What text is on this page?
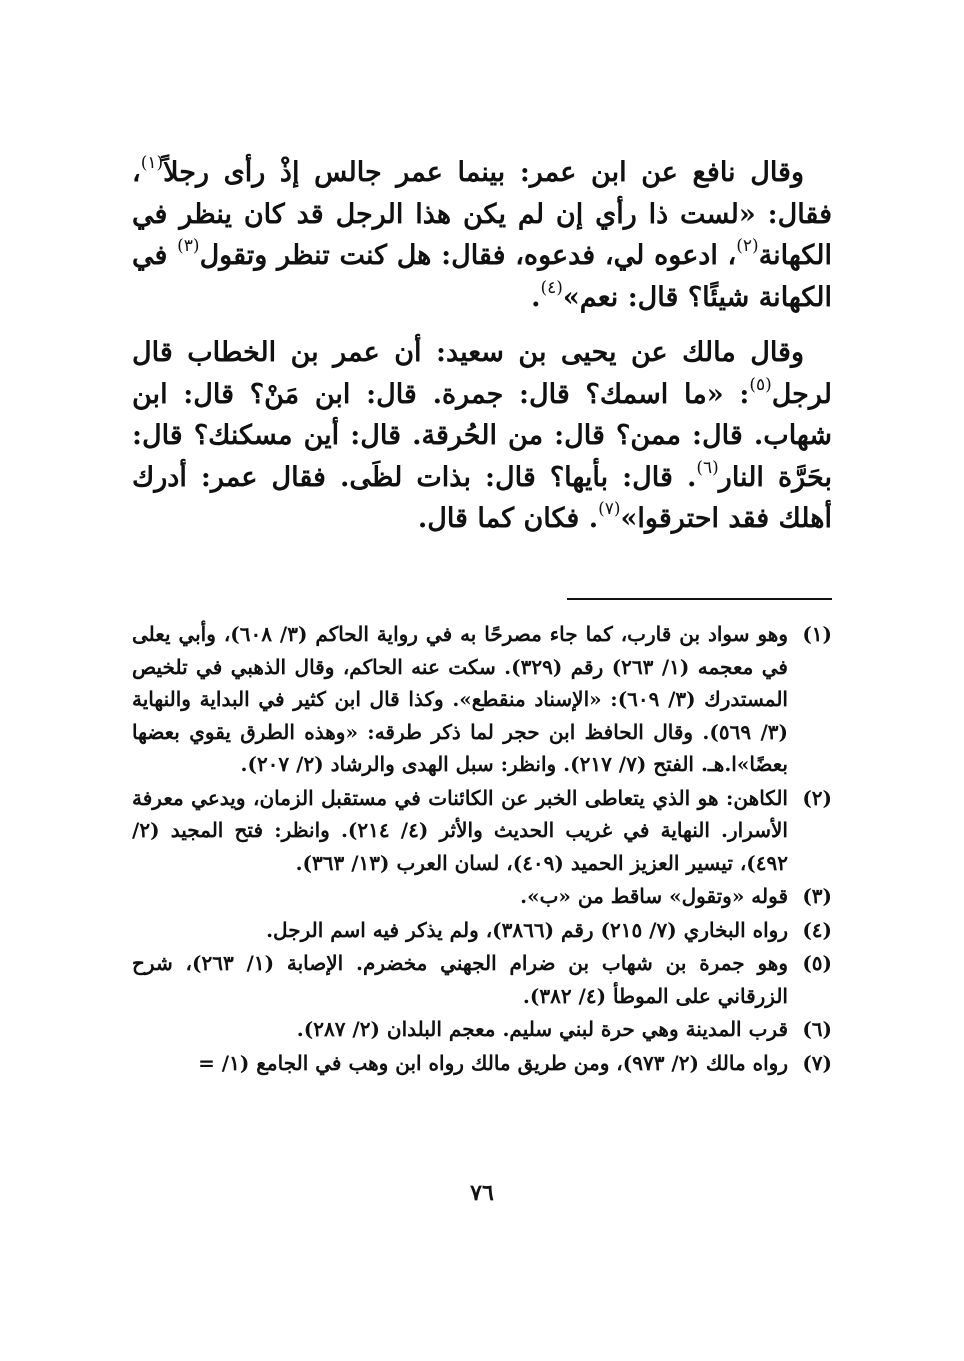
وقال نافع عن ابن عمر: بينما عمر جالس إذْ رأى رجلاً$^{(١)}$، فقال: «لست ذا رأي إن لم يكن هذا الرجل قد كان ينظر في الكهانة$^{(٢)}$، ادعوه لي، فدعوه، فقال: هل كنت تنظر وتقول$^{(٣)}$ في الكهانة شيئًا؟ قال: نعم»$^{(٤)}$.

وقال مالك عن يحيى بن سعيد: أن عمر بن الخطاب قال لرجل$^{(٥)}$: «ما اسمك؟ قال: جمرة. قال: ابن مَنْ؟ قال: ابن شهاب. قال: ممن؟ قال: من الحُرقة. قال: أين مسكنك؟ قال: بحَرَّة النار$^{(٦)}$. قال: بأيها؟ قال: بذات لظَى. فقال عمر: أدرك أهلك فقد احترقوا»$^{(٧)}$. فكان كما قال.

(١)
وهو سواد بن قارب، كما جاء مصرحًا به في رواية الحاكم (٣/ ٦٠٨)، وأبي يعلى في معجمه (١/ ٢٦٣) رقم (٣٢٩). سكت عنه الحاكم، وقال الذهبي في تلخيص المستدرك (٣/ ٦٠٩): «الإسناد منقطع». وكذا قال ابن كثير في البداية والنهاية (٣/ ٥٦٩). وقال الحافظ ابن حجر لما ذكر طرقه: «وهذه الطرق يقوي بعضها بعضًا»ا.هـ. الفتح (٧/ ٢١٧). وانظر: سبل الهدى والرشاد (٢/ ٢٠٧).
(٢)
الكاهن: هو الذي يتعاطى الخبر عن الكائنات في مستقبل الزمان، ويدعي معرفة الأسرار. النهاية في غريب الحديث والأثر (٤/ ٢١٤). وانظر: فتح المجيد (٢/ ٤٩٢)، تيسير العزيز الحميد (٤٠٩)، لسان العرب (١٣/ ٣٦٣).
(٣)
قوله «وتقول» ساقط من «ب».
(٤)
رواه البخاري (٧/ ٢١٥) رقم (٣٨٦٦)، ولم يذكر فيه اسم الرجل.
(٥)
وهو جمرة بن شهاب بن ضرام الجهني مخضرم. الإصابة (١/ ٢٦٣)، شرح الزرقاني على الموطأ (٤/ ٣٨٢).
(٦)
قرب المدينة وهي حرة لبني سليم. معجم البلدان (٢/ ٢٨٧).
(٧)
رواه مالك (٢/ ٩٧٣)، ومن طريق مالك رواه ابن وهب في الجامع (١/ =
٧٦
